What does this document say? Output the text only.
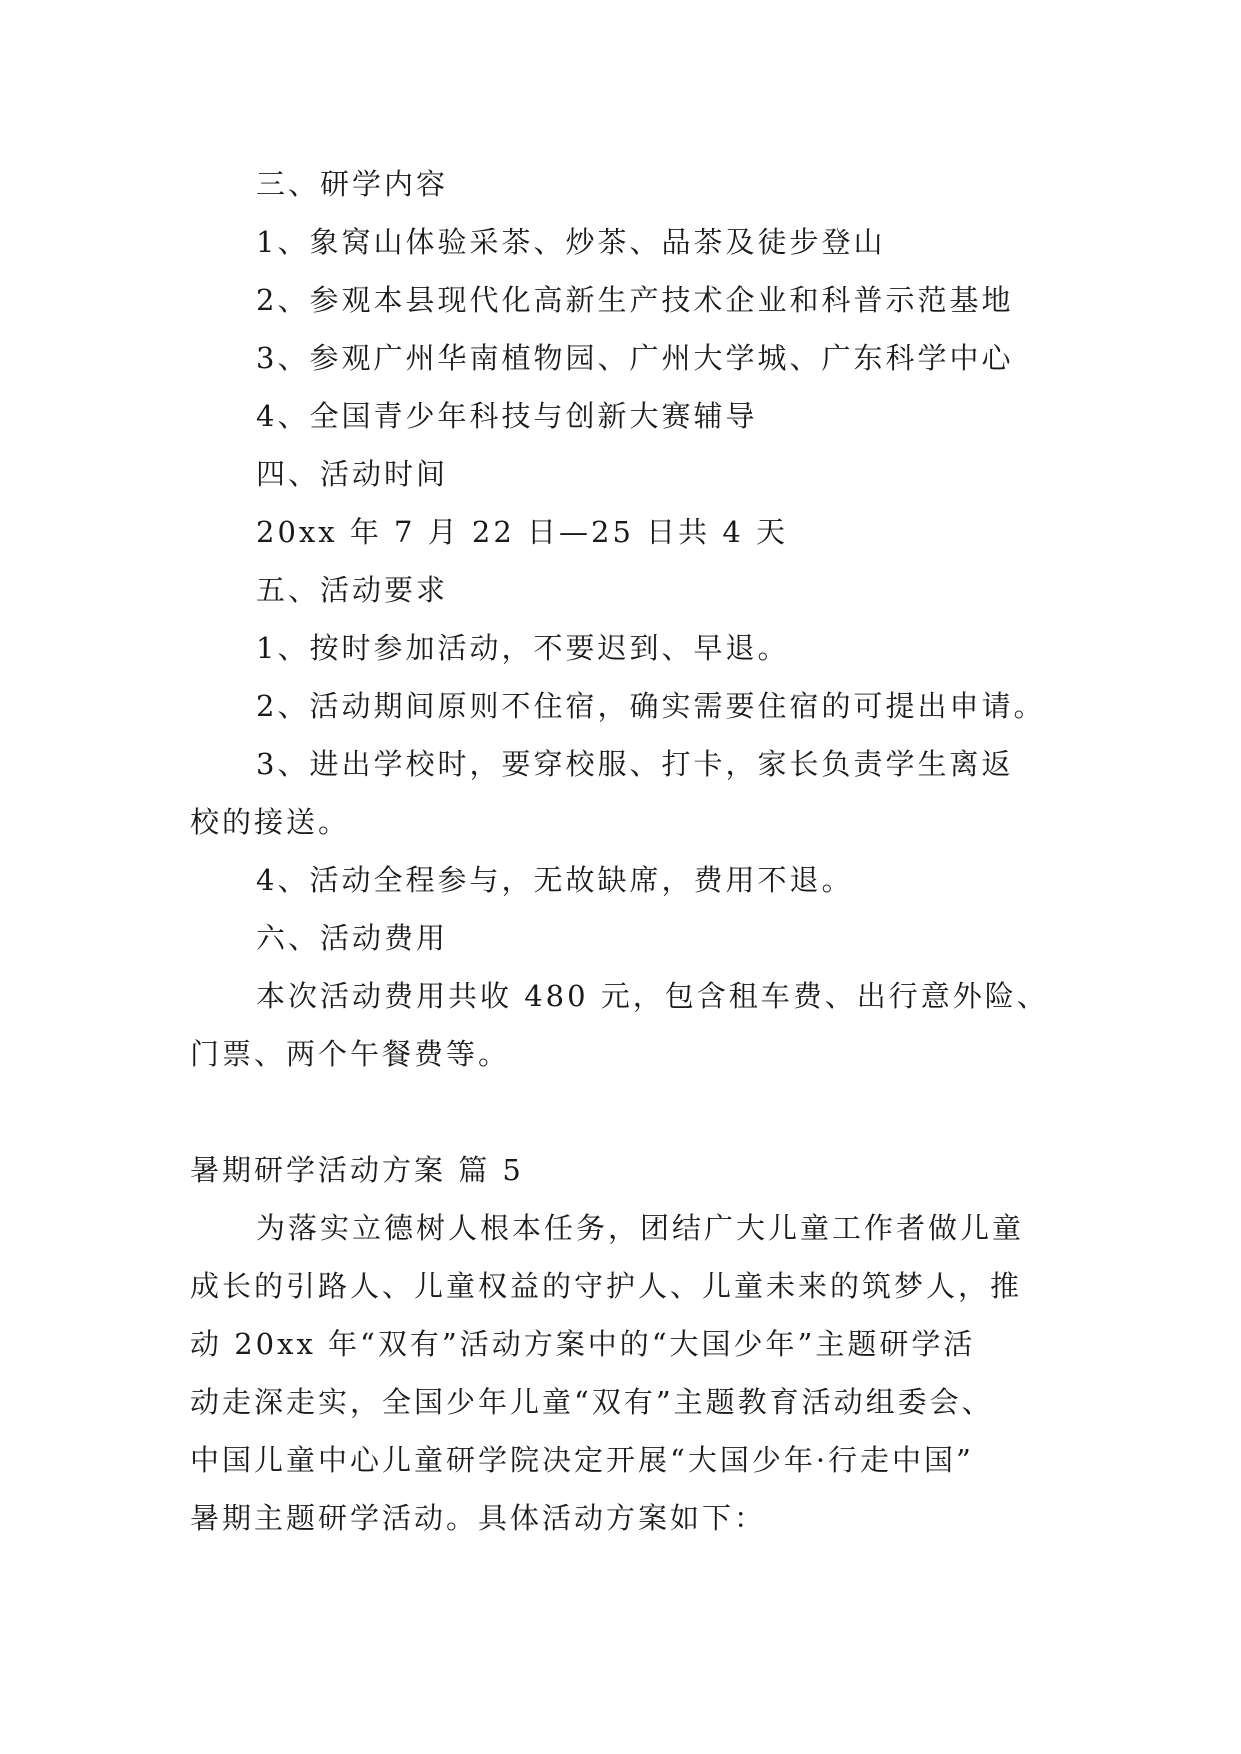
三、研学内容
1、象窝山体验采茶、炒茶、品茶及徒步登山
2、参观本县现代化高新生产技术企业和科普示范基地
3、参观广州华南植物园、广州大学城、广东科学中心
4、全国青少年科技与创新大赛辅导
四、活动时间
20xx 年 7 月 22 日—25 日共 4 天
五、活动要求
1、按时参加活动，不要迟到、早退。
2、活动期间原则不住宿，确实需要住宿的可提出申请。
3、进出学校时，要穿校服、打卡，家长负责学生离返
校的接送。
4、活动全程参与，无故缺席，费用不退。
六、活动费用
本次活动费用共收 480 元，包含租车费、出行意外险、
门票、两个午餐费等。
暑期研学活动方案 篇 5
为落实立德树人根本任务，团结广大儿童工作者做儿童
成长的引路人、儿童权益的守护人、儿童未来的筑梦人，推
动 20xx 年“双有”活动方案中的“大国少年”主题研学活
动走深走实，全国少年儿童“双有”主题教育活动组委会、
中国儿童中心儿童研学院决定开展“大国少年·行走中国”
暑期主题研学活动。具体活动方案如下：
